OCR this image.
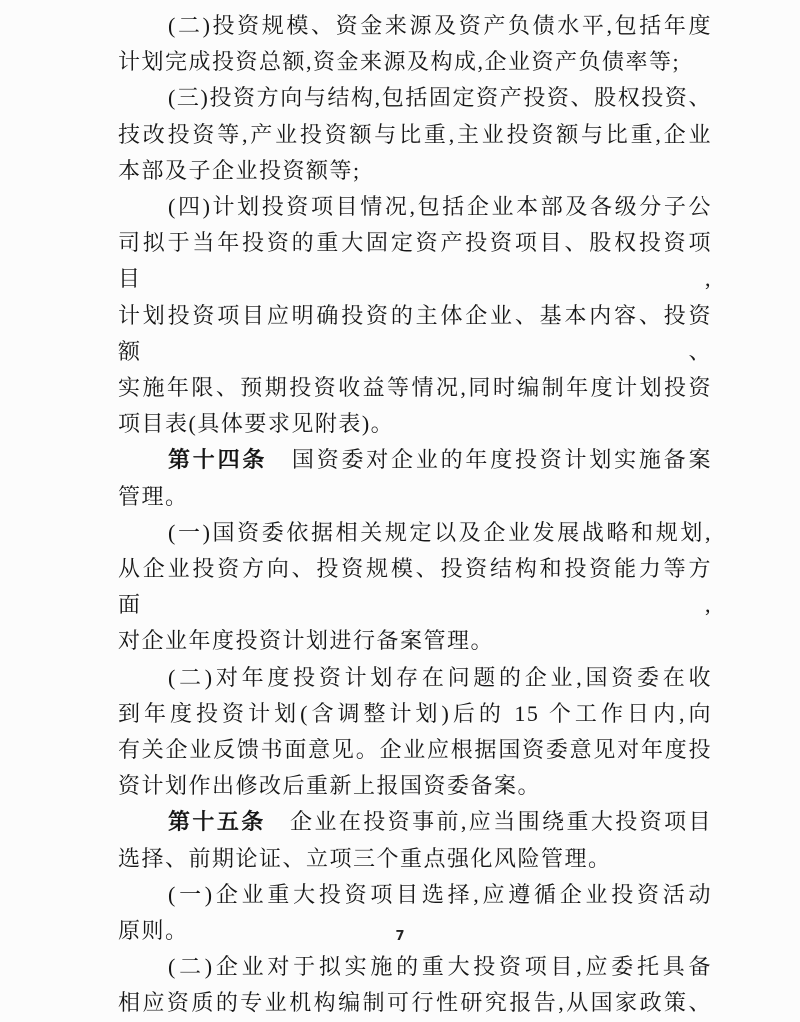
(二)投资规模、资金来源及资产负债水平,包括年度
计划完成投资总额,资金来源及构成,企业资产负债率等;
(三)投资方向与结构,包括固定资产投资、股权投资、
技改投资等,产业投资额与比重,主业投资额与比重,企业
本部及子企业投资额等;
(四)计划投资项目情况,包括企业本部及各级分子公
司拟于当年投资的重大固定资产投资项目、股权投资项目,
计划投资项目应明确投资的主体企业、基本内容、投资额、
实施年限、预期投资收益等情况,同时编制年度计划投资
项目表(具体要求见附表)。
第十四条　国资委对企业的年度投资计划实施备案
管理。
(一)国资委依据相关规定以及企业发展战略和规划,
从企业投资方向、投资规模、投资结构和投资能力等方面,
对企业年度投资计划进行备案管理。
(二)对年度投资计划存在问题的企业,国资委在收
到年度投资计划(含调整计划)后的 15 个工作日内,向
有关企业反馈书面意见。企业应根据国资委意见对年度投
资计划作出修改后重新上报国资委备案。
第十五条　企业在投资事前,应当围绕重大投资项目
选择、前期论证、立项三个重点强化风险管理。
(一)企业重大投资项目选择,应遵循企业投资活动
原则。
(二)企业对于拟实施的重大投资项目,应委托具备
相应资质的专业机构编制可行性研究报告,从国家政策、
7
